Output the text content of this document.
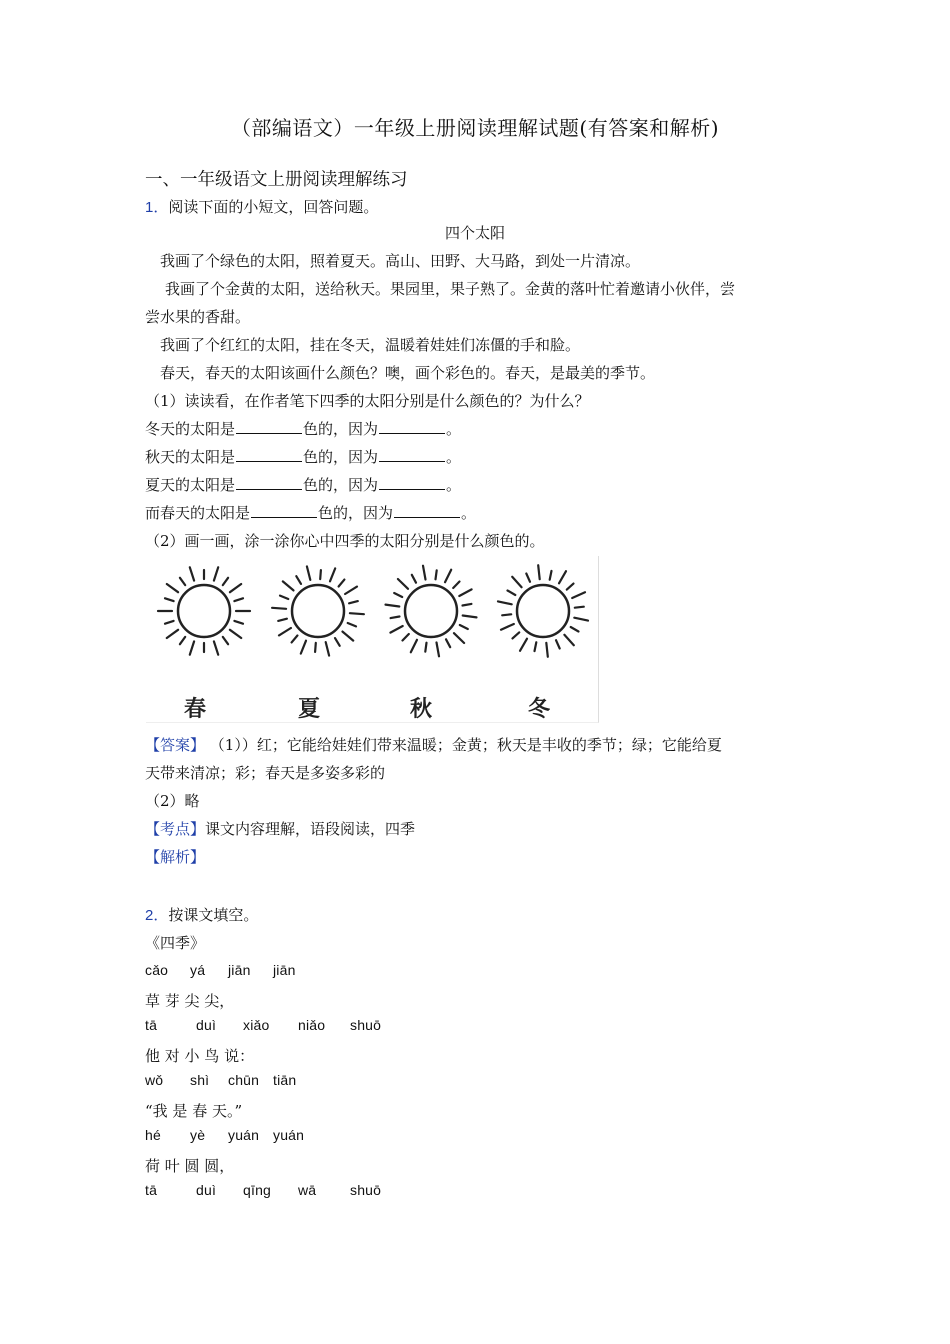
（部编语文）一年级上册阅读理解试题(有答案和解析)
一、一年级语文上册阅读理解练习
1．阅读下面的小短文，回答问题。
四个太阳
我画了个绿色的太阳，照着夏天。高山、田野、大马路，到处一片清凉。
我画了个金黄的太阳，送给秋天。果园里，果子熟了。金黄的落叶忙着邀请小伙伴，尝
尝水果的香甜。
我画了个红红的太阳，挂在冬天，温暖着娃娃们冻僵的手和脸。
春天，春天的太阳该画什么颜色？噢，画个彩色的。春天，是最美的季节。
（1）读读看，在作者笔下四季的太阳分别是什么颜色的？为什么？
冬天的太阳是	色的，因为	。
秋天的太阳是	色的，因为	。
夏天的太阳是	色的，因为	。
而春天的太阳是	色的，因为	。
（2）画一画，涂一涂你心中四季的太阳分别是什么颜色的。
春	夏	秋	冬
【答案】 （1））红；它能给娃娃们带来温暖；金黄；秋天是丰收的季节；绿；它能给夏
天带来清凉；彩；春天是多姿多彩的
（2）略
【考点】课文内容理解，语段阅读，四季
【解析】
2．按课文填空。
《四季》
cǎo yá jiān jiān
草 芽 尖 尖，
tā	duì xiǎo niǎo shuō
他 对 小 鸟 说：
wǒ shì chūn tiān
“我 是 春 天。”
hé yè yuán yuán
荷 叶 圆 圆，
tā	duì qīng wā shuō
